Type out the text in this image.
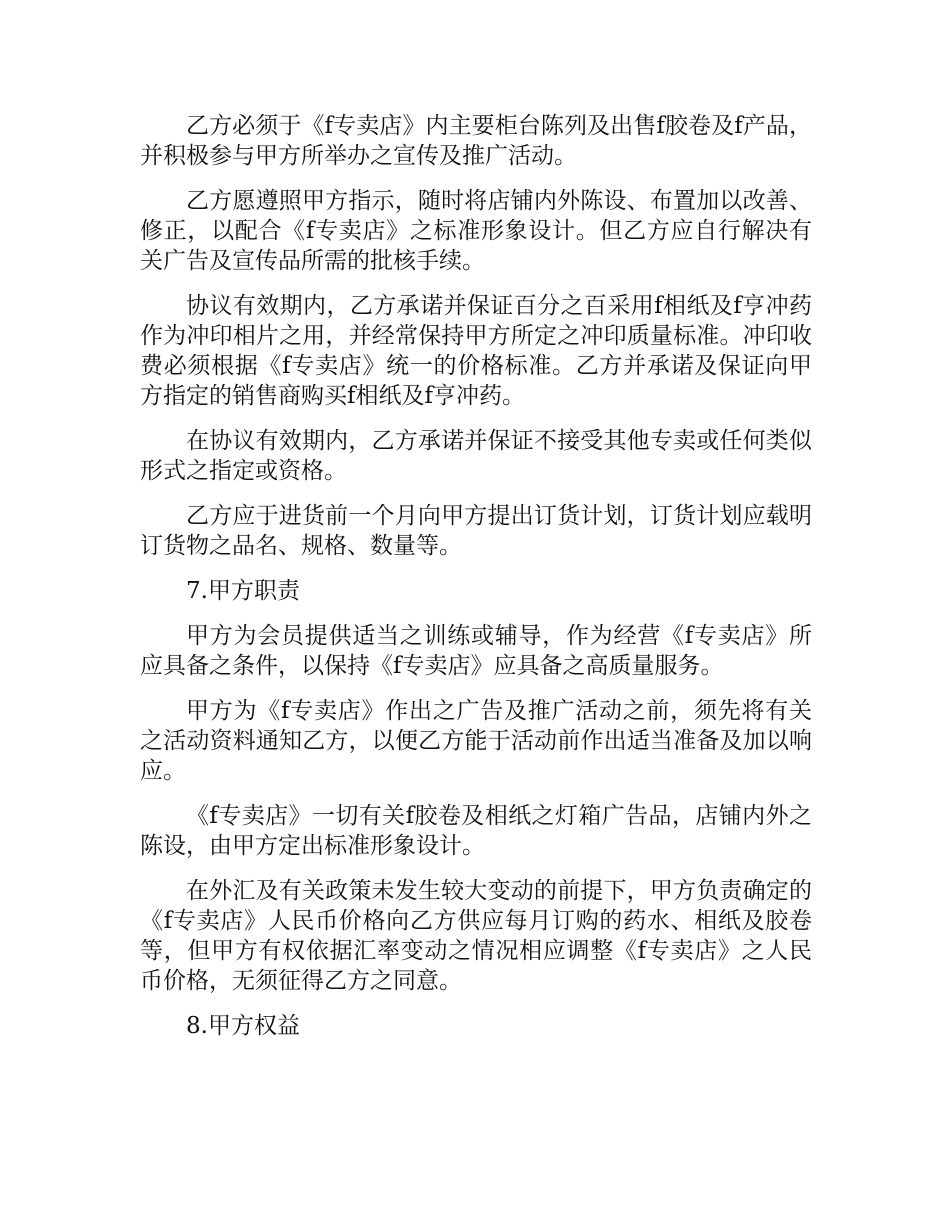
乙方必须于《f专卖店》内主要柜台陈列及出售f胶卷及f产品，并积极参与甲方所举办之宣传及推广活动。

乙方愿遵照甲方指示，随时将店铺内外陈设、布置加以改善、修正，以配合《f专卖店》之标准形象设计。但乙方应自行解决有关广告及宣传品所需的批核手续。

协议有效期内，乙方承诺并保证百分之百采用f相纸及f亨冲药作为冲印相片之用，并经常保持甲方所定之冲印质量标准。冲印收费必须根据《f专卖店》统一的价格标准。乙方并承诺及保证向甲方指定的销售商购买f相纸及f亨冲药。

在协议有效期内，乙方承诺并保证不接受其他专卖或任何类似形式之指定或资格。

乙方应于进货前一个月向甲方提出订货计划，订货计划应载明订货物之品名、规格、数量等。

7.甲方职责

甲方为会员提供适当之训练或辅导，作为经营《f专卖店》所应具备之条件，以保持《f专卖店》应具备之高质量服务。

甲方为《f专卖店》作出之广告及推广活动之前，须先将有关之活动资料通知乙方，以便乙方能于活动前作出适当准备及加以响应。

《f专卖店》一切有关f胶卷及相纸之灯箱广告品，店铺内外之陈设，由甲方定出标准形象设计。

在外汇及有关政策未发生较大变动的前提下，甲方负责确定的《f专卖店》人民币价格向乙方供应每月订购的药水、相纸及胶卷等，但甲方有权依据汇率变动之情况相应调整《f专卖店》之人民币价格，无须征得乙方之同意。

8.甲方权益
